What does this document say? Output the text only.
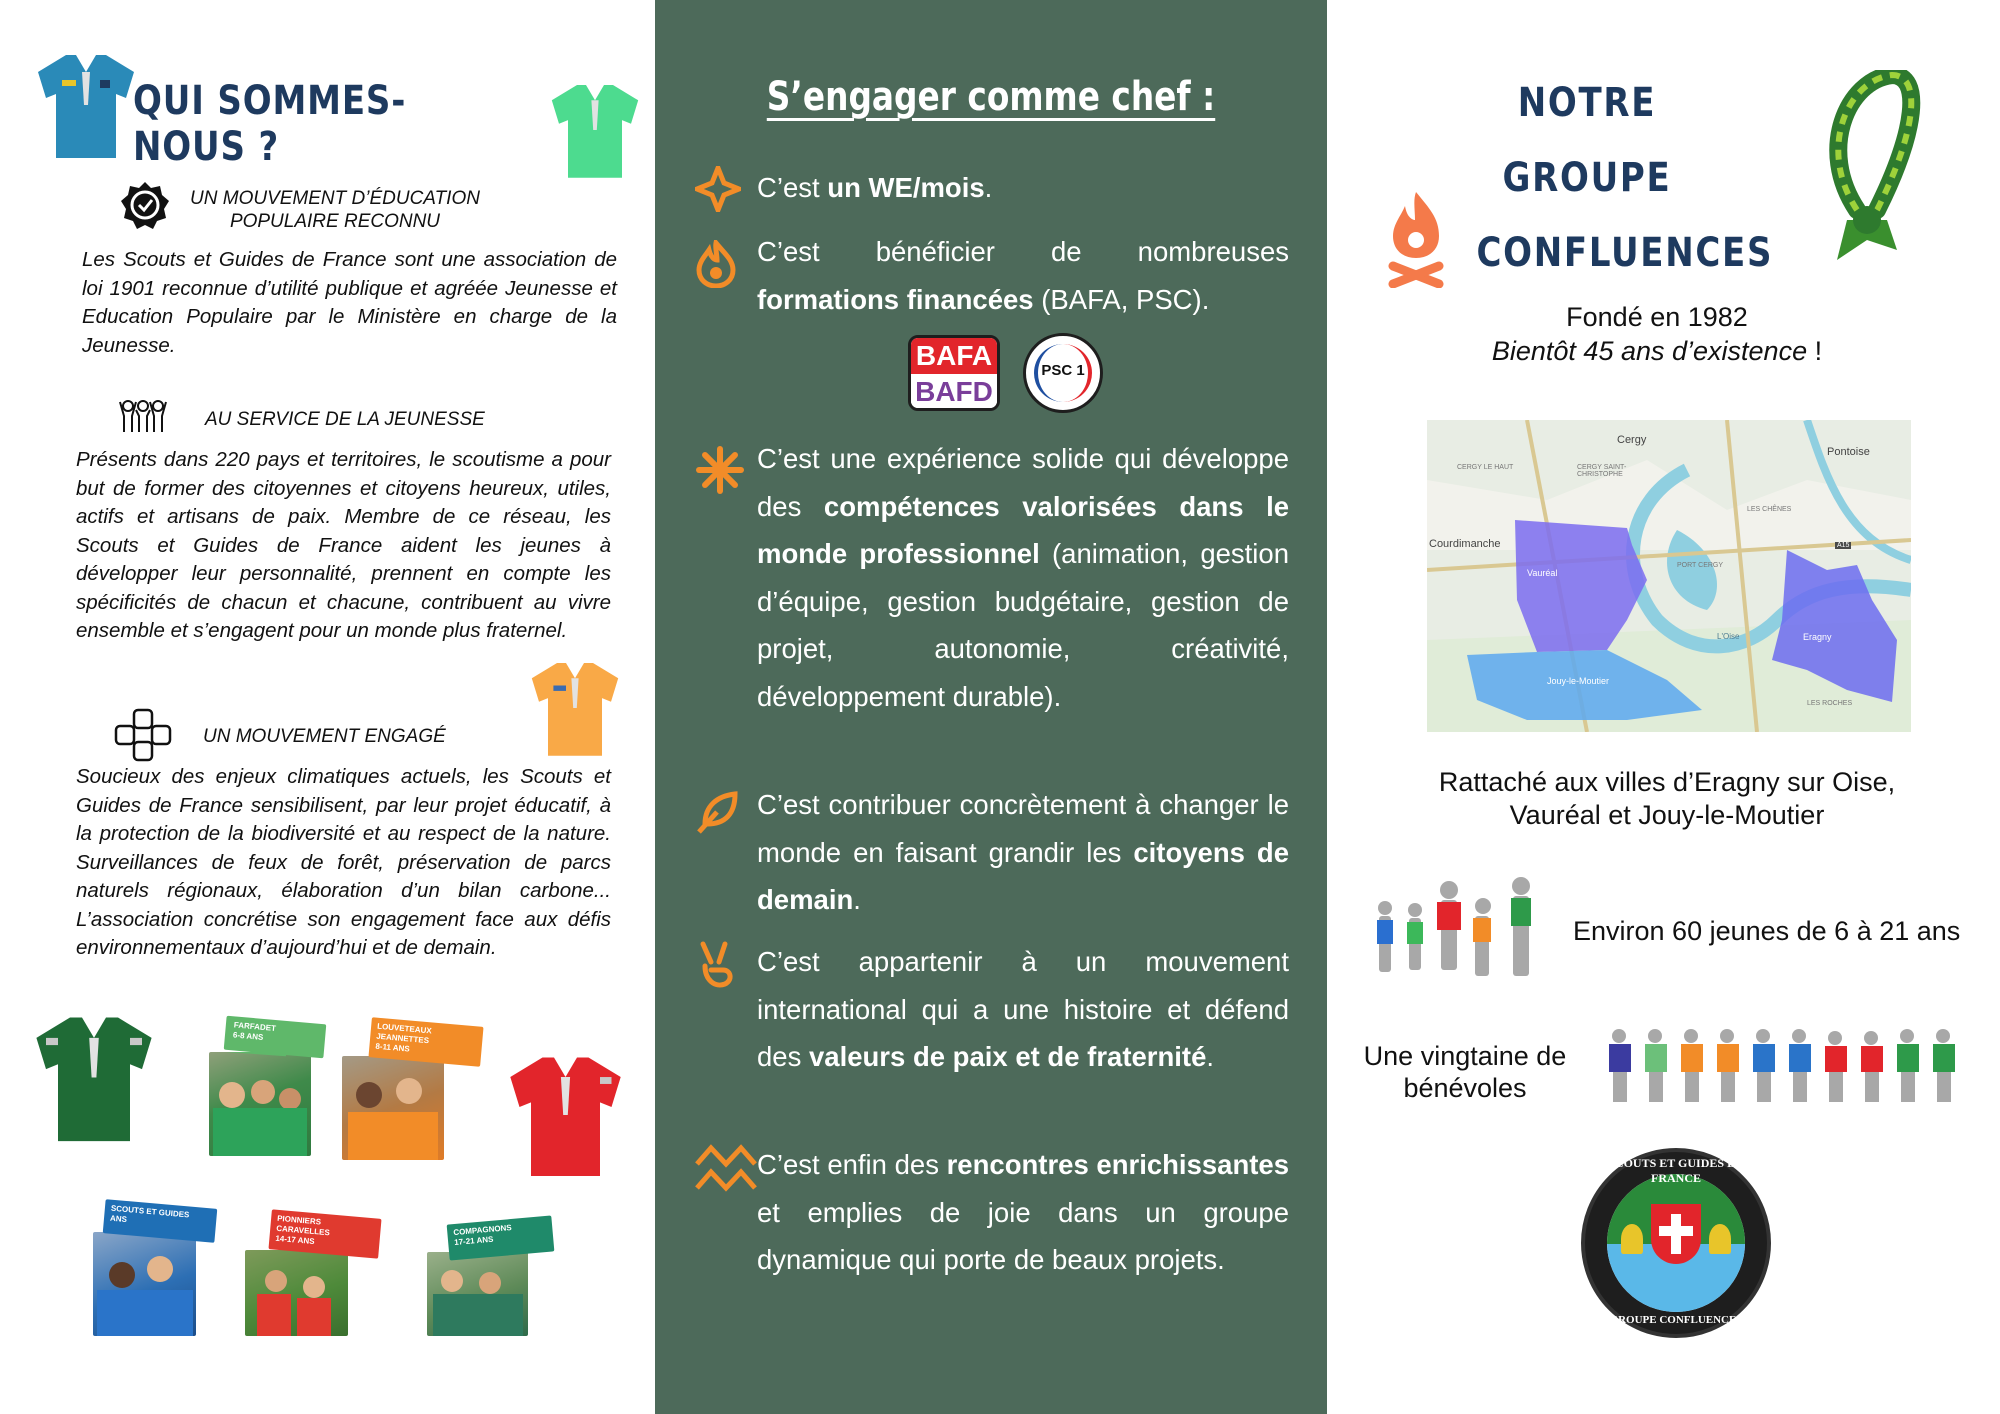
QUI SOMMES-NOUS ?
UN MOUVEMENT D’ÉDUCATION POPULAIRE RECONNU
Les Scouts et Guides de France sont une association de loi 1901 reconnue d’utilité publique et agréée Jeunesse et Education Populaire par le Ministère en charge de la Jeunesse.
AU SERVICE DE LA JEUNESSE
Présents dans 220 pays et territoires, le scoutisme a pour but de former des citoyennes et citoyens heureux, utiles, actifs et artisans de paix. Membre de ce réseau, les Scouts et Guides de France aident les jeunes à développer leur personnalité, prennent en compte les spécificités de chacun et chacune, contribuent au vivre ensemble et s’engagent pour un monde plus fraternel.
UN MOUVEMENT ENGAGÉ
Soucieux des enjeux climatiques actuels, les Scouts et Guides de France sensibilisent, par leur projet éducatif, à la protection de la biodiversité et au respect de la nature. Surveillances de feux de forêt, préservation de parcs naturels régionaux, élaboration d’un bilan carbone... L’association concrétise son engagement face aux défis environnementaux d’aujourd’hui et de demain.
FARFADET
6-8 ANS
LOUVETEAUX JEANNETTES
8-11 ANS
SCOUTS ET GUIDES
ANS	PIONNIERS CARAVELLES
14-17 ANS
COMPAGNONS
17-21 ANS
S’engager comme chef :
C’est un WE/mois.
C’est bénéficier de nombreuses formations financées (BAFA, PSC).
BAFA
BAFD
PSC 1
C’est une expérience solide qui développe des compétences valorisées dans le monde professionnel (animation, gestion d’équipe, gestion budgétaire, gestion de projet, autonomie, créativité, développement durable).
C’est contribuer concrètement à changer le monde en faisant grandir les citoyens de demain.
C’est appartenir à un mouvement international qui a une histoire et défend des valeurs de paix et de fraternité.
C’est enfin des rencontres enrichissantes et emplies de joie dans un groupe dynamique qui porte de beaux projets.
NOTRE GROUPE
CONFLUENCES
Fondé en 1982
Bientôt 45 ans d’existence !
Cergy
Pontoise
Courdimanche
CERGY LE HAUT	CERGY SAINT-CHRISTOPHE
LES CHÊNES
PORT CERGY
LES ROCHES
A15
L'Oise
Vauréal
Eragny
Jouy-le-Moutier
Rattaché aux villes d’Eragny sur Oise, Vauréal et Jouy-le-Moutier
Environ 60 jeunes de 6 à 21 ans
Une vingtaine de bénévoles
SCOUTS ET GUIDES DE FRANCE
GROUPE CONFLUENCES
